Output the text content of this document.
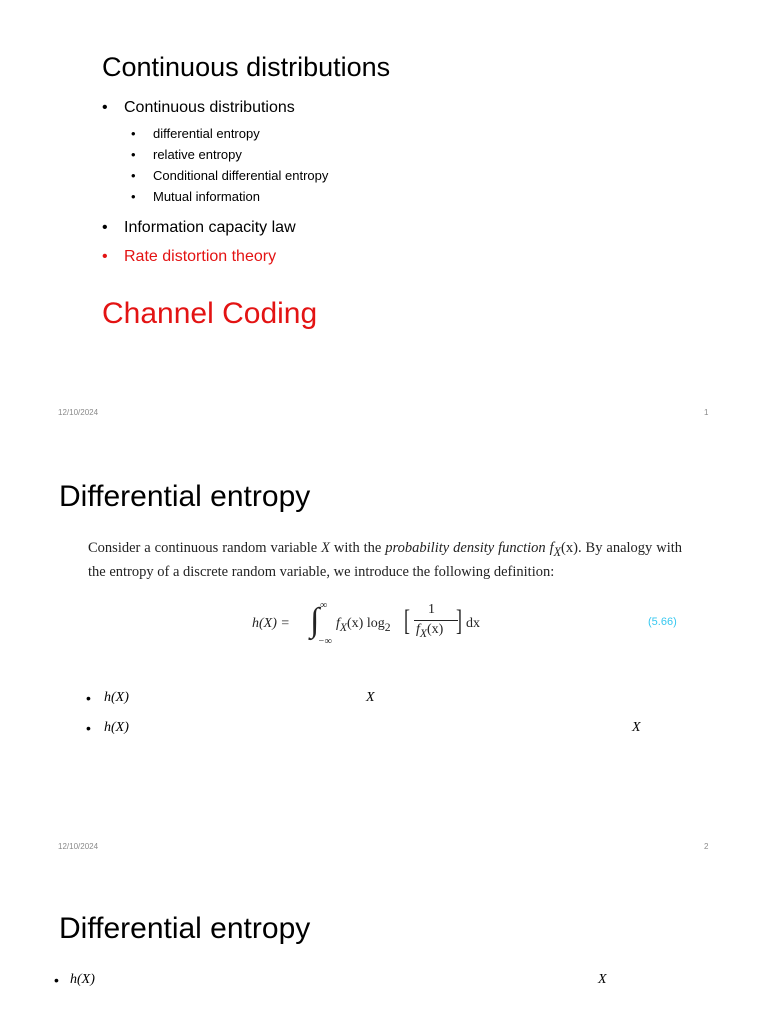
Continuous distributions
• Continuous distributions
• differential entropy
• relative entropy
• Conditional differential entropy
• Mutual information
• Information capacity law
• Rate distortion theory
Channel Coding
12/10/2024	1
Differential entropy
Consider a continuous random variable X with the probability density function $f_X(x)$. By analogy with the entropy of a discrete random variable, we introduce the following definition:
h(X) = ∫ ∞
−∞
$f_X(x)$ $\log_2$ [ 1
$f_X(x)$ ] dx	(5.66)
• h(X)	X
• h(X)	X
12/10/2024	2
Differential entropy
• h(X)	X
